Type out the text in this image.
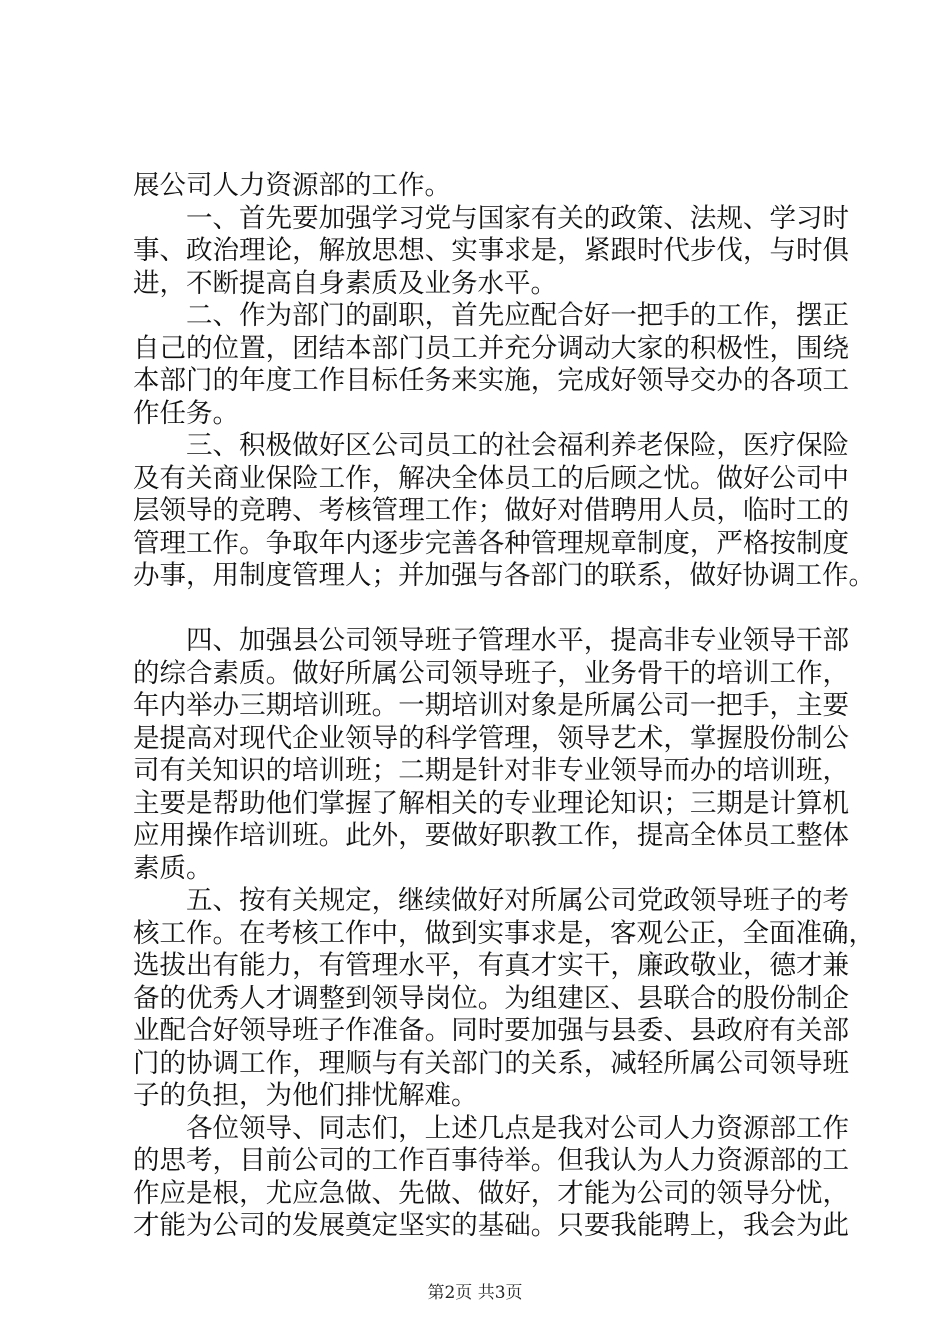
展公司人力资源部的工作。
一、首先要加强学习党与国家有关的政策、法规、学习时
事、政治理论，解放思想、实事求是，紧跟时代步伐，与时俱
进，不断提高自身素质及业务水平。
二、作为部门的副职，首先应配合好一把手的工作，摆正
自己的位置，团结本部门员工并充分调动大家的积极性，围绕
本部门的年度工作目标任务来实施，完成好领导交办的各项工
作任务。
三、积极做好区公司员工的社会福利养老保险，医疗保险
及有关商业保险工作，解决全体员工的后顾之忧。做好公司中
层领导的竞聘、考核管理工作；做好对借聘用人员，临时工的
管理工作。争取年内逐步完善各种管理规章制度，严格按制度
办事，用制度管理人；并加强与各部门的联系，做好协调工作。
四、加强县公司领导班子管理水平，提高非专业领导干部
的综合素质。做好所属公司领导班子，业务骨干的培训工作，
年内举办三期培训班。一期培训对象是所属公司一把手，主要
是提高对现代企业领导的科学管理，领导艺术，掌握股份制公
司有关知识的培训班；二期是针对非专业领导而办的培训班，
主要是帮助他们掌握了解相关的专业理论知识；三期是计算机
应用操作培训班。此外，要做好职教工作，提高全体员工整体
素质。
五、按有关规定，继续做好对所属公司党政领导班子的考
核工作。在考核工作中，做到实事求是，客观公正，全面准确，
选拔出有能力，有管理水平，有真才实干，廉政敬业，德才兼
备的优秀人才调整到领导岗位。为组建区、县联合的股份制企
业配合好领导班子作准备。同时要加强与县委、县政府有关部
门的协调工作，理顺与有关部门的关系，减轻所属公司领导班
子的负担，为他们排忧解难。
各位领导、同志们，上述几点是我对公司人力资源部工作
的思考，目前公司的工作百事待举。但我认为人力资源部的工
作应是根，尤应急做、先做、做好，才能为公司的领导分忧，
才能为公司的发展奠定坚实的基础。只要我能聘上，我会为此
第2页 共3页
